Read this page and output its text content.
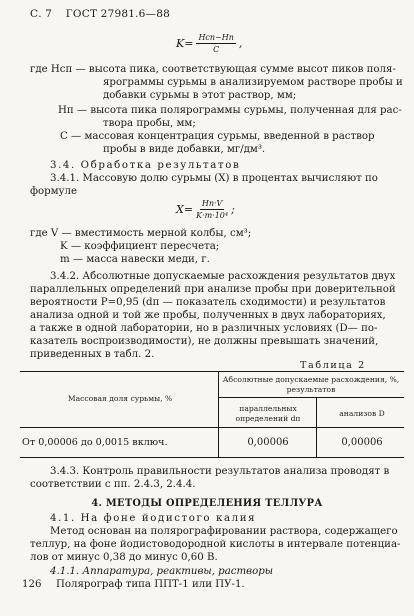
С. 7 ГОСТ 27981.6—88
$K= \frac{\text{Hсп−Hп}}{C}$ ,
где Hсп — высота пика, соответствующая сумме высот пиков поля-
ярограммы сурьмы в анализируемом растворе пробы и
добавки сурьмы в этот раствор, мм;
Hп — высота пика полярограммы сурьмы, полученная для рас-
твора пробы, мм;
C — массовая концентрация сурьмы, введенной в раствор
пробы в виде добавки, мг/дм³.
3.4. Обработка результатов
3.4.1. Массовую долю сурьмы (X) в процентах вычисляют по
формуле
$X= \frac{Hп\cdot V}{\text{K·m·10⁴}}$ ;
где V — вместимость мерной колбы, см³;
K — коэффициент пересчета;
m — масса навески меди, г.
3.4.2. Абсолютные допускаемые расхождения результатов двух
параллельных определений при анализе пробы при доверительной
вероятности P=0,95 (dп — показатель сходимости) и результатов
анализа одной и той же пробы, полученных в двух лабораториях,
а также в одной лаборатории, но в различных условиях (D— по-
казатель воспроизводимости), не должны превышать значений,
приведенных в табл. 2.
Таблица 2
Массовая доля сурьмы, %
Абсолютные допускаемые расхождения, %, результатов
параллельных определений dп	анализов D
От 0,00006 до 0,0015 включ.	0,00006	0,00006
3.4.3. Контроль правильности результатов анализа проводят в
соответствии с пп. 2.4.3, 2.4.4.
4. МЕТОДЫ ОПРЕДЕЛЕНИЯ ТЕЛЛУРА
4.1. На фоне йодистого калия
Метод основан на полярографировании раствора, содержащего
теллур, на фоне йодистоводородной кислоты в интервале потенциа-
лов от минус 0,38 до минус 0,60 В.
4.1.1. Аппаратура, реактивы, растворы
Полярограф типа ППТ-1 или ПУ-1.
126
